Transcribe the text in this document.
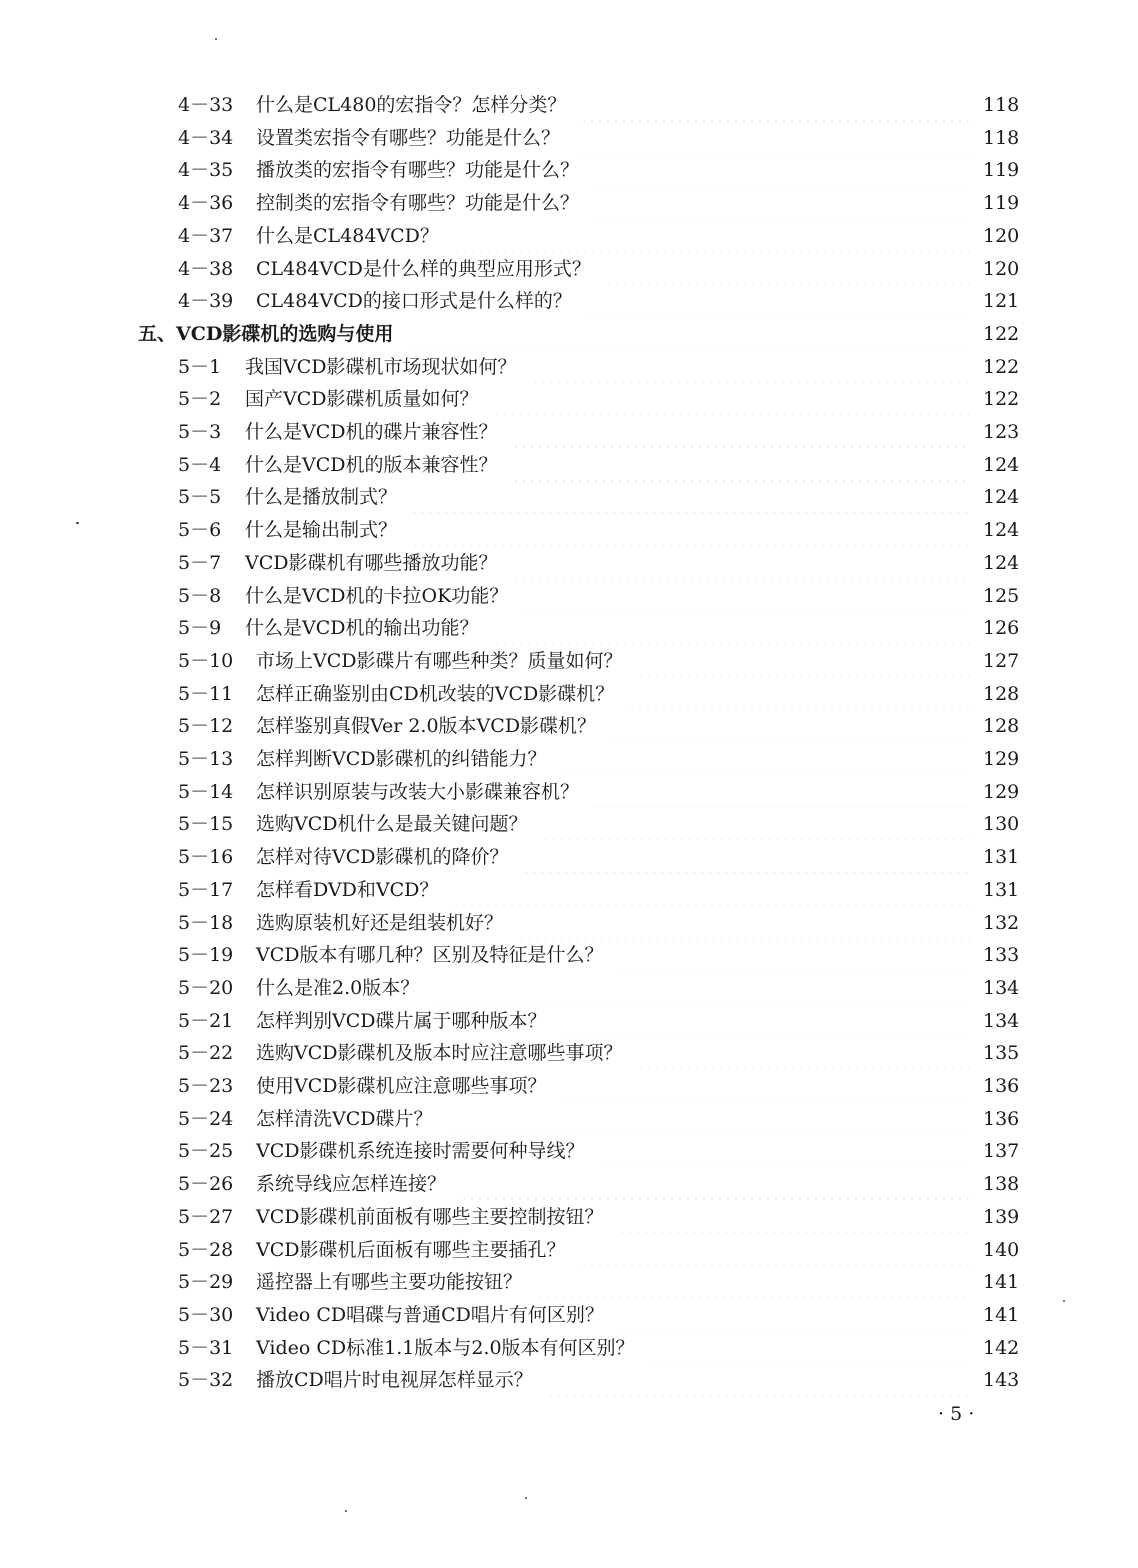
4－33 什么是CL480的宏指令？怎样分类？	118
4－34 设置类宏指令有哪些？功能是什么？	118
4－35 播放类的宏指令有哪些？功能是什么？	119
4－36 控制类的宏指令有哪些？功能是什么？	119
4－37 什么是CL484VCD？	120
4－38 CL484VCD是什么样的典型应用形式？	120
4－39 CL484VCD的接口形式是什么样的？	121
五、VCD影碟机的选购与使用	122
5－1 我国VCD影碟机市场现状如何？	122
5－2 国产VCD影碟机质量如何？	122
5－3 什么是VCD机的碟片兼容性？	123
5－4 什么是VCD机的版本兼容性？	124
5－5 什么是播放制式？	124
5－6 什么是输出制式？	124
5－7 VCD影碟机有哪些播放功能？	124
5－8 什么是VCD机的卡拉OK功能？	125
5－9 什么是VCD机的输出功能？	126
5－10 市场上VCD影碟片有哪些种类？质量如何？	127
5－11 怎样正确鉴别由CD机改装的VCD影碟机？	128
5－12 怎样鉴别真假Ver 2.0版本VCD影碟机？	128
5－13 怎样判断VCD影碟机的纠错能力？	129
5－14 怎样识别原装与改装大小影碟兼容机？	129
5－15 选购VCD机什么是最关键问题？	130
5－16 怎样对待VCD影碟机的降价？	131
5－17 怎样看DVD和VCD？	131
5－18 选购原装机好还是组装机好？	132
5－19 VCD版本有哪几种？区别及特征是什么？	133
5－20 什么是准2.0版本？	134
5－21 怎样判别VCD碟片属于哪种版本？	134
5－22 选购VCD影碟机及版本时应注意哪些事项？	135
5－23 使用VCD影碟机应注意哪些事项？	136
5－24 怎样清洗VCD碟片？	136
5－25 VCD影碟机系统连接时需要何种导线？	137
5－26 系统导线应怎样连接？	138
5－27 VCD影碟机前面板有哪些主要控制按钮？	139
5－28 VCD影碟机后面板有哪些主要插孔？	140
5－29 遥控器上有哪些主要功能按钮？	141
5－30 Video CD唱碟与普通CD唱片有何区别？	141
5－31 Video CD标准1.1版本与2.0版本有何区别？	142
5－32 播放CD唱片时电视屏怎样显示？	143
· 5 ·
